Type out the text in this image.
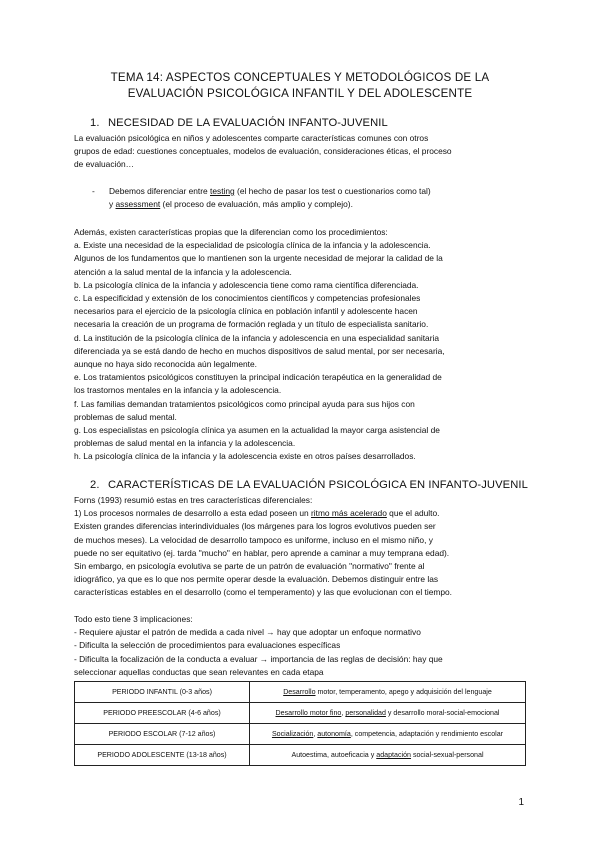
TEMA 14: ASPECTOS CONCEPTUALES Y METODOLÓGICOS DE LA
EVALUACIÓN PSICOLÓGICA INFANTIL Y DEL ADOLESCENTE
1. NECESIDAD DE LA EVALUACIÓN INFANTO-JUVENIL

La evaluación psicológica en niños y adolescentes comparte características comunes con otros

grupos de edad: cuestiones conceptuales, modelos de evaluación, consideraciones éticas, el proceso

de evaluación…

- Debemos diferenciar entre testing (el hecho de pasar los test o cuestionarios como tal)
y assessment (el proceso de evaluación, más amplio y complejo).

Además, existen características propias que la diferencian como los procedimientos:

a. Existe una necesidad de la especialidad de psicología clínica de la infancia y la adolescencia.

Algunos de los fundamentos que lo mantienen son la urgente necesidad de mejorar la calidad de la

atención a la salud mental de la infancia y la adolescencia.

b. La psicología clínica de la infancia y adolescencia tiene como rama científica diferenciada.

c. La especificidad y extensión de los conocimientos científicos y competencias profesionales

necesarios para el ejercicio de la psicología clínica en población infantil y adolescente hacen

necesaria la creación de un programa de formación reglada y un título de especialista sanitario.

d. La institución de la psicología clínica de la infancia y adolescencia en una especialidad sanitaria

diferenciada ya se está dando de hecho en muchos dispositivos de salud mental, por ser necesaria,

aunque no haya sido reconocida aún legalmente.

e. Los tratamientos psicológicos constituyen la principal indicación terapéutica en la generalidad de

los trastornos mentales en la infancia y la adolescencia.

f. Las familias demandan tratamientos psicológicos como principal ayuda para sus hijos con

problemas de salud mental.

g. Los especialistas en psicología clínica ya asumen en la actualidad la mayor carga asistencial de

problemas de salud mental en la infancia y la adolescencia.

h. La psicología clínica de la infancia y la adolescencia existe en otros países desarrollados.

2. CARACTERÍSTICAS DE LA EVALUACIÓN PSICOLÓGICA EN INFANTO-JUVENIL

Forns (1993) resumió estas en tres características diferenciales:

1) Los procesos normales de desarrollo a esta edad poseen un ritmo más acelerado que el adulto.

Existen grandes diferencias interindividuales (los márgenes para los logros evolutivos pueden ser

de muchos meses). La velocidad de desarrollo tampoco es uniforme, incluso en el mismo niño, y

puede no ser equitativo (ej. tarda "mucho" en hablar, pero aprende a caminar a muy temprana edad).

Sin embargo, en psicología evolutiva se parte de un patrón de evaluación "normativo" frente al

idiográfico, ya que es lo que nos permite operar desde la evaluación. Debemos distinguir entre las

características estables en el desarrollo (como el temperamento) y las que evolucionan con el tiempo.

Todo esto tiene 3 implicaciones:

- Requiere ajustar el patrón de medida a cada nivel → hay que adoptar un enfoque normativo

- Dificulta la selección de procedimientos para evaluaciones específicas

- Dificulta la focalización de la conducta a evaluar → importancia de las reglas de decisión: hay que

seleccionar aquellas conductas que sean relevantes en cada etapa

PERIODO INFANTIL (0-3 años)	Desarrollo motor, temperamento, apego y adquisición del lenguaje
PERIODO PREESCOLAR (4-6 años)	Desarrollo motor fino, personalidad y desarrollo moral-social-emocional
PERIODO ESCOLAR (7-12 años)	Socialización, autonomía, competencia, adaptación y rendimiento escolar
PERIODO ADOLESCENTE (13-18 años)	Autoestima, autoeficacia y adaptación social-sexual-personal
1
